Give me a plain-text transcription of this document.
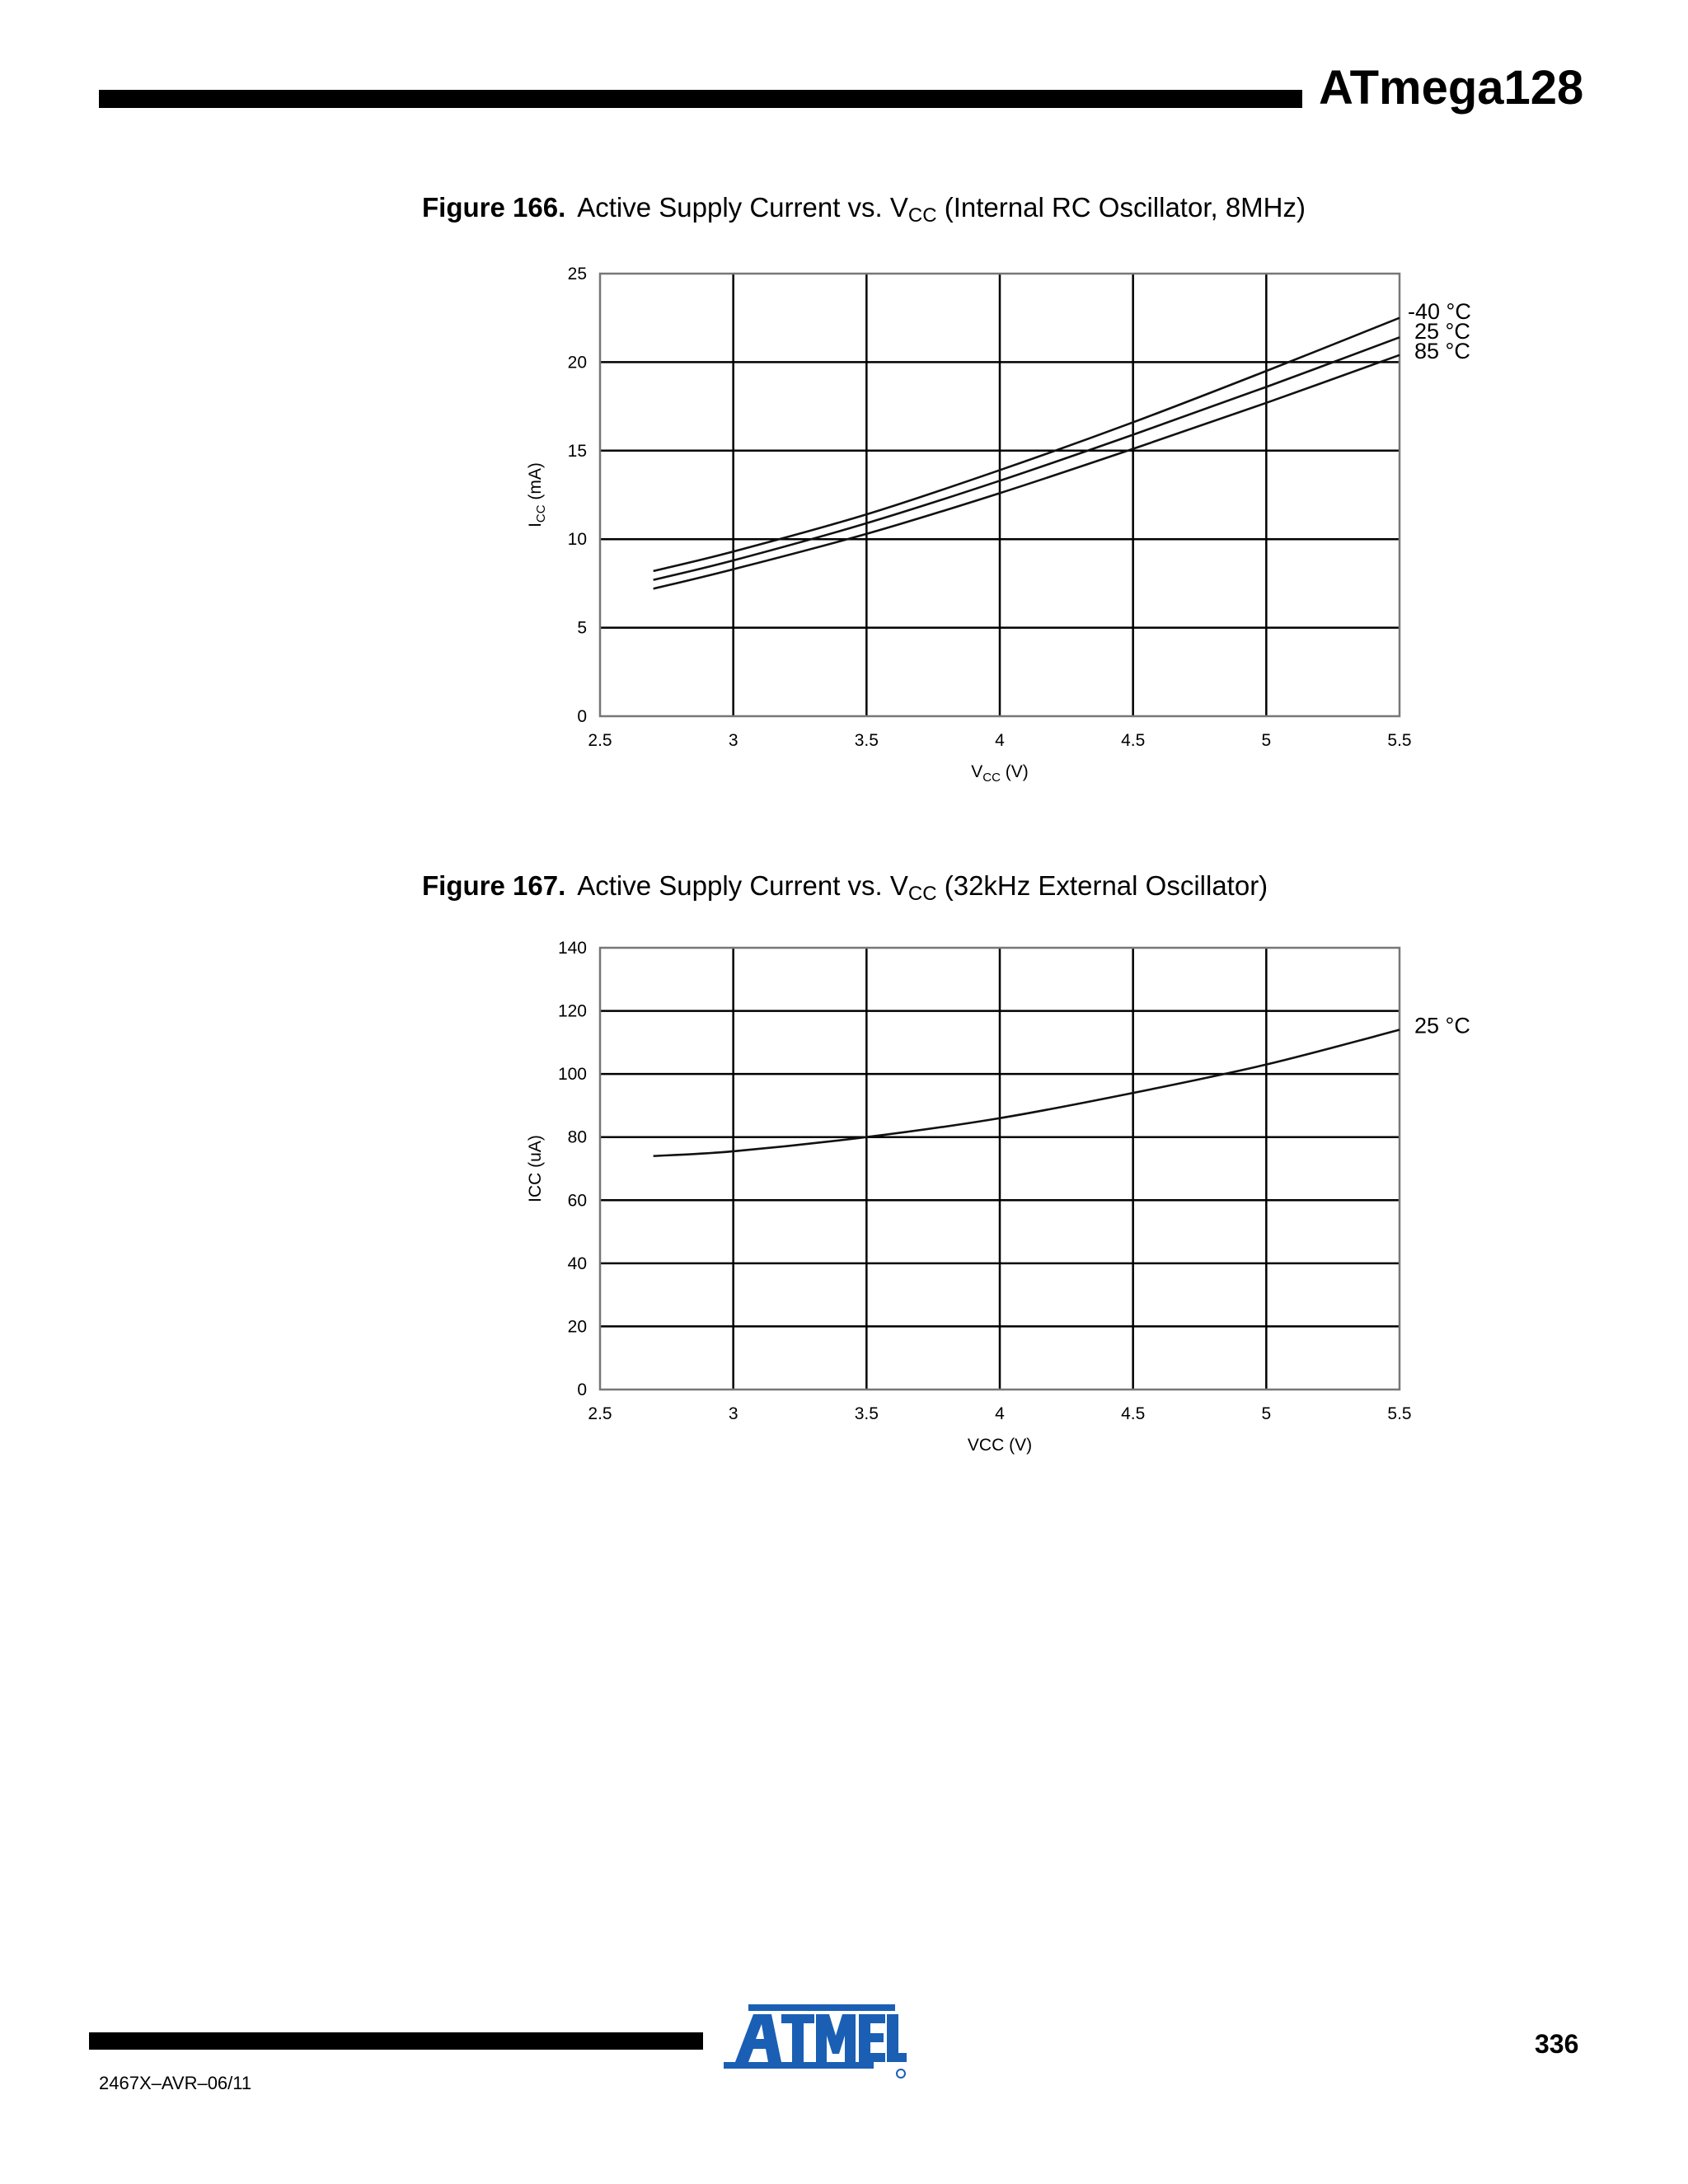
ATmega128
Figure 166. Active Supply Current vs. $V_{CC}$ (Internal RC Oscillator, 8MHz)
2.5	3	3.5	4	4.5	5	5.5
0
5
10
15
20
25
$V_{CC}$ (V)
$I_{CC}$ (mA)
-40 °C
25 °C
85 °C
Figure 167. Active Supply Current vs. $V_{CC}$ (32kHz External Oscillator)
2.5	3	3.5	4	4.5	5	5.5
0
20
40
60
80
100
120
140
VCC (V)
ICC (uA)
25 °C
336
2467X–AVR–06/11
